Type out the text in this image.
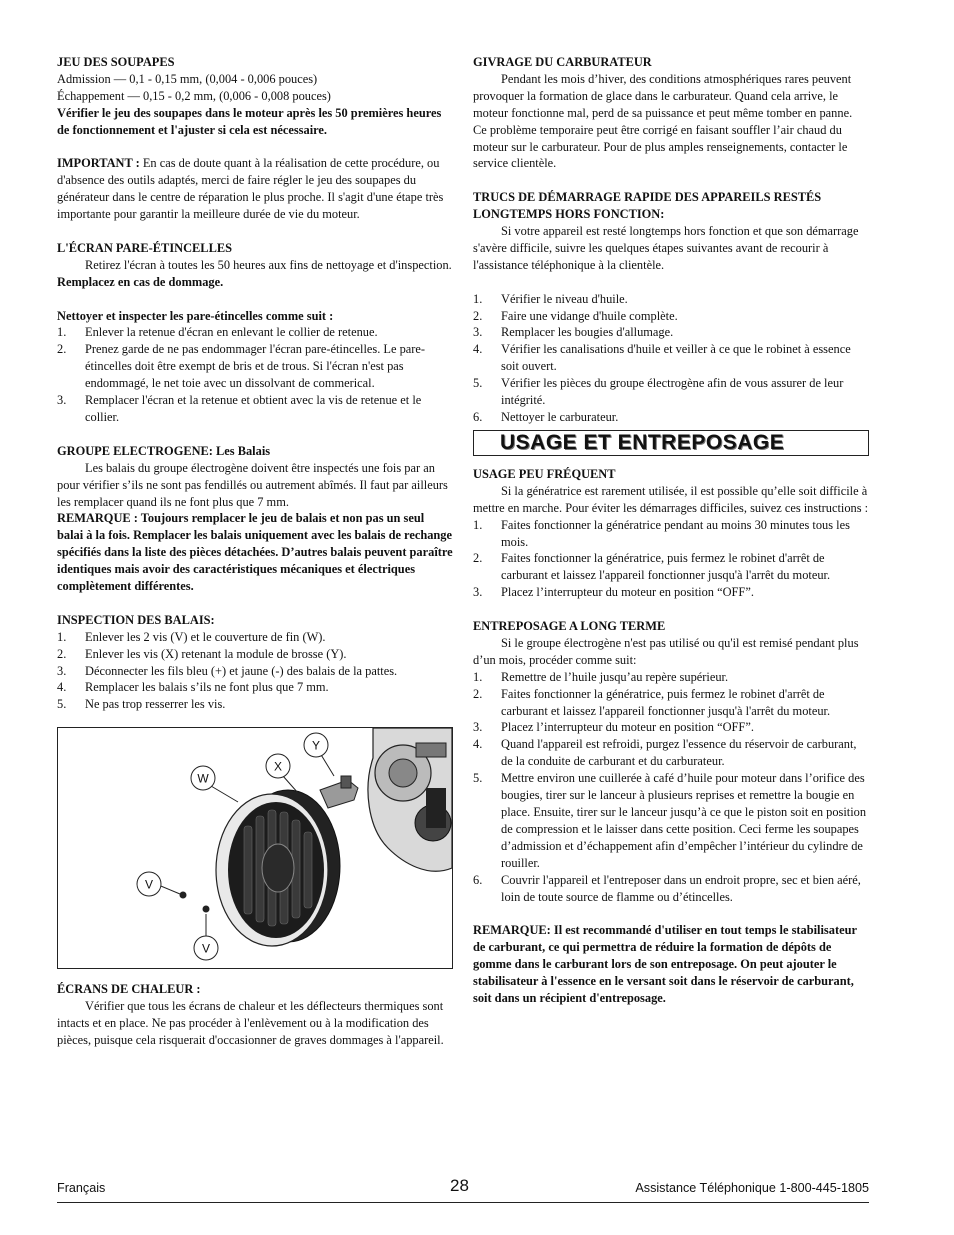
JEU DES SOUPAPES
Admission — 0,1 - 0,15 mm, (0,004 - 0,006 pouces)
Échappement — 0,15 - 0,2 mm, (0,006 - 0,008 pouces)
Vérifier le jeu des soupapes dans le moteur après les 50 premières heures de fonctionnement et l'ajuster si cela est nécessaire.
IMPORTANT : En cas de doute quant à la réalisation de cette procédure, ou d'absence des outils adaptés, merci de faire régler le jeu des soupapes du générateur dans le centre de réparation le plus proche. Il s'agit d'une étape très importante pour garantir la meilleure durée de vie du moteur.
L'ÉCRAN PARE-ÉTINCELLES
Retirez l'écran à toutes les 50 heures aux fins de nettoyage et d'inspection. Remplacez en cas de dommage.
Nettoyer et inspecter les pare-étincelles comme suit :
1. Enlever la retenue d'écran en enlevant le collier de retenue.
2. Prenez garde de ne pas endommager l'écran pare-étincelles. Le pare-étincelles doit être exempt de bris et de trous. Si l'écran n'est pas endommagé, le net toie avec un dissolvant de commerical.
3. Remplacer l'écran et la retenue et obtient avec la vis de retenue et le collier.
GROUPE ELECTROGENE: Les Balais
Les balais du groupe électrogène doivent être inspectés une fois par an pour vérifier s’ils ne sont pas fendillés ou autrement abîmés. Il faut par ailleurs les remplacer quand ils ne font plus que 7 mm.
REMARQUE : Toujours remplacer le jeu de balais et non pas un seul balai à la fois. Remplacer les balais uniquement avec les balais de rechange spécifiés dans la liste des pièces détachées. D’autres balais peuvent paraître identiques mais avoir des caractéristiques mécaniques et électriques complètement différentes.
INSPECTION DES BALAIS:
1. Enlever les 2 vis (V) et le couverture de fin (W).
2. Enlever les vis (X) retenant la module de brosse (Y).
3. Déconnecter les fils bleu (+) et jaune (-) des balais de la pattes.
4. Remplacer les balais s’ils ne font plus que 7 mm.
5. Ne pas trop resserrer les vis.
W
X
Y
V
V
ÉCRANS DE CHALEUR :
Vérifier que tous les écrans de chaleur et les déflecteurs thermiques sont intacts et en place. Ne pas procéder à l'enlèvement ou à la modification des pièces, puisque cela risquerait d'occasionner de graves dommages à l'appareil.
GIVRAGE DU CARBURATEUR
Pendant les mois d’hiver, des conditions atmosphériques rares peuvent provoquer la formation de glace dans le carburateur. Quand cela arrive, le moteur fonctionne mal, perd de sa puissance et peut même tomber en panne. Ce problème temporaire peut être corrigé en faisant souffler l’air chaud du moteur sur le carburateur. Pour de plus amples renseignements, contacter le service clientèle.
TRUCS DE DÉMARRAGE RAPIDE DES APPAREILS RESTÉS LONGTEMPS HORS FONCTION:
Si votre appareil est resté longtemps hors fonction et que son démarrage s'avère difficile, suivre les quelques étapes suivantes avant de recourir à l'assistance téléphonique à la clientèle.
1. Vérifier le niveau d'huile.
2. Faire une vidange d'huile complète.
3. Remplacer les bougies d'allumage.
4. Vérifier les canalisations d'huile et veiller à ce que le robinet à essence soit ouvert.
5. Vérifier les pièces du groupe électrogène afin de vous assurer de leur intégrité.
6. Nettoyer le carburateur.
USAGE ET ENTREPOSAGE
USAGE PEU FRÉQUENT
Si la génératrice est rarement utilisée, il est possible qu’elle soit difficile à mettre en marche. Pour éviter les démarrages difficiles, suivez ces instructions :
1. Faites fonctionner la génératrice pendant au moins 30 minutes tous les mois.
2. Faites fonctionner la génératrice, puis fermez le robinet d'arrêt de carburant et laissez l'appareil fonctionner jusqu'à l'arrêt du moteur.
3. Placez l’interrupteur du moteur en position “OFF”.
ENTREPOSAGE A LONG TERME
Si le groupe électrogène n'est pas utilisé ou qu'il est remisé pendant plus d’un mois, procéder comme suit:
1. Remettre de l’huile jusqu’au repère supérieur.
2. Faites fonctionner la génératrice, puis fermez le robinet d'arrêt de carburant et laissez l'appareil fonctionner jusqu'à l'arrêt du moteur.
3. Placez l’interrupteur du moteur en position “OFF”.
4. Quand l'appareil est refroidi, purgez l'essence du réservoir de carburant, de la conduite de carburant et du carburateur.
5. Mettre environ une cuillerée à café d’huile pour moteur dans l’orifice des bougies, tirer sur le lanceur à plusieurs reprises et remettre la bougie en place. Ensuite, tirer sur le lanceur jusqu’à ce que le piston soit en position de compression et le laisser dans cette position. Ceci ferme les soupapes d’admission et d’échappement afin d’empêcher l’intérieur du cylindre de rouiller.
6. Couvrir l'appareil et l'entreposer dans un endroit propre, sec et bien aéré, loin de toute source de flamme ou d’étincelles.
REMARQUE: Il est recommandé d'utiliser en tout temps le stabilisateur de carburant, ce qui permettra de réduire la formation de dépôts de gomme dans le carburant lors de son entreposage. On peut ajouter le stabilisateur à l'essence en le versant soit dans le réservoir de carburant, soit dans un récipient d'entreposage.
Français	28	Assistance Téléphonique 1-800-445-1805
